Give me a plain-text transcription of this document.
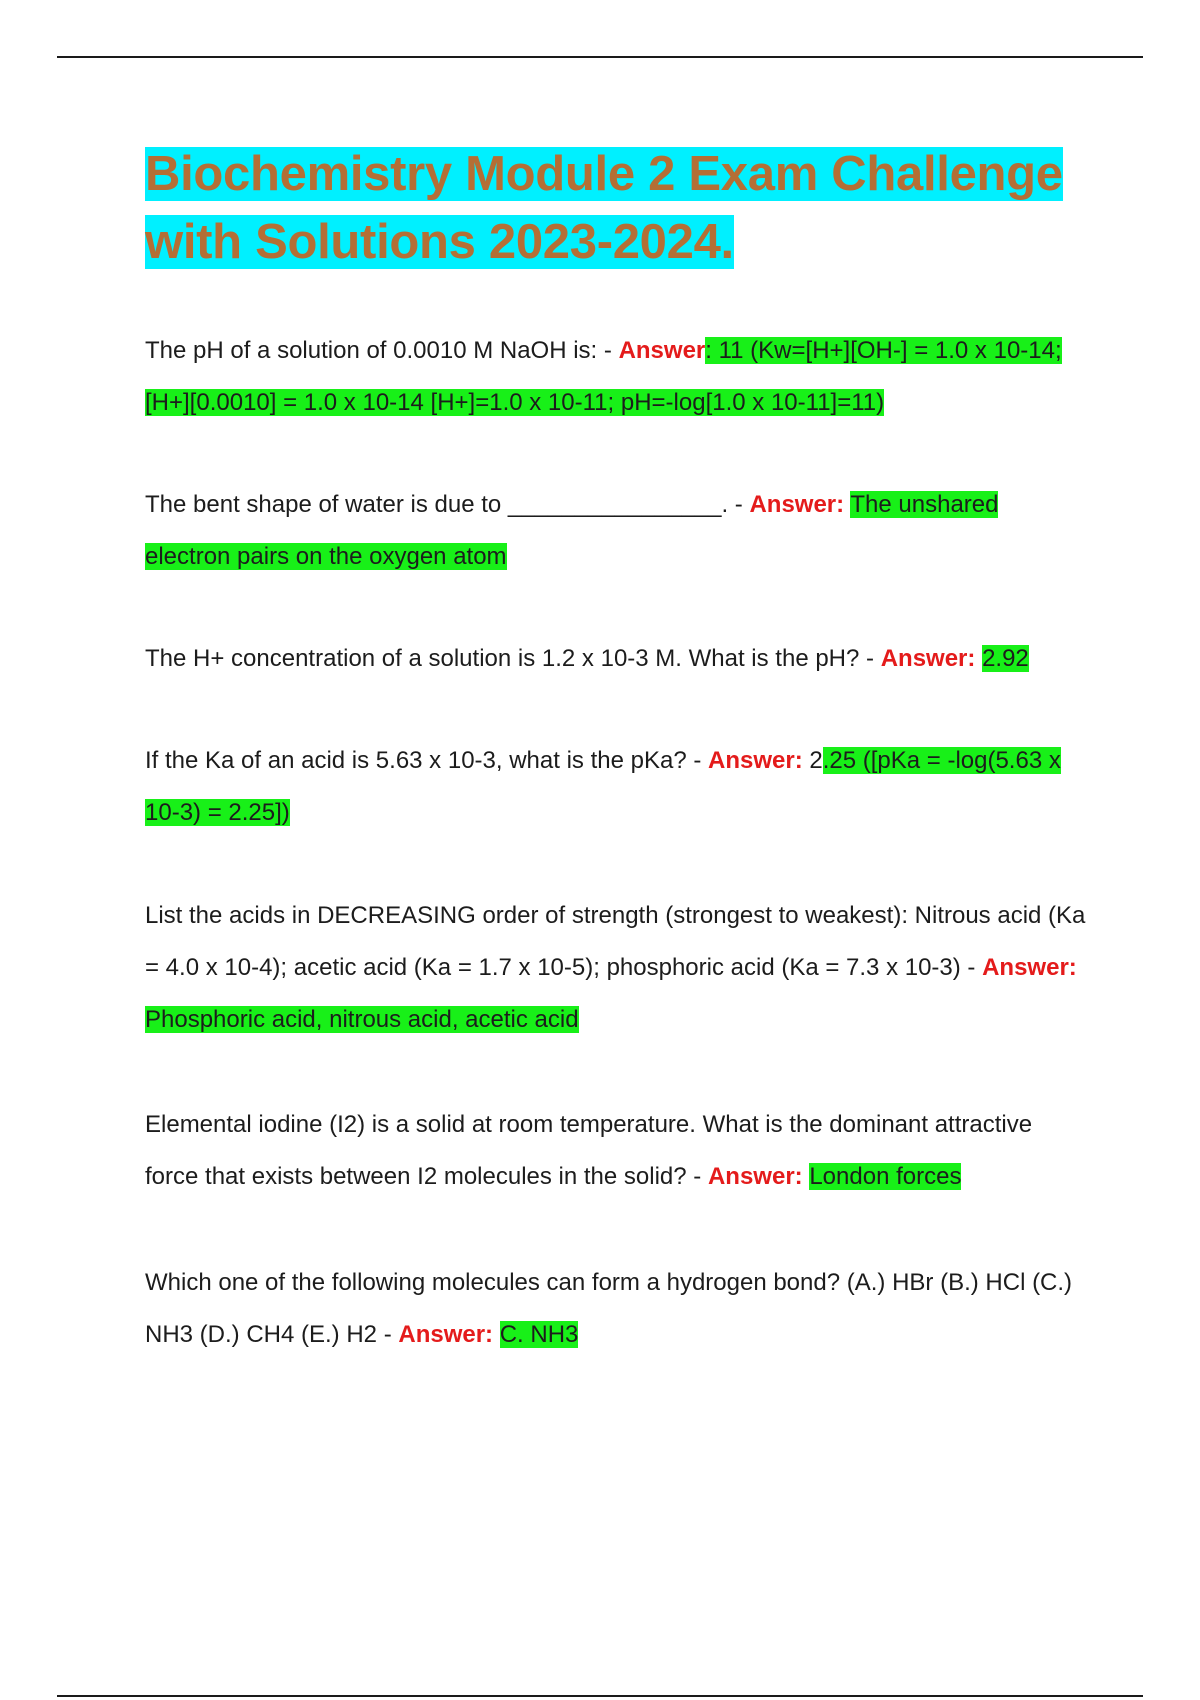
Biochemistry Module 2 Exam Challenge with Solutions 2023-2024.

The pH of a solution of 0.0010 M NaOH is: - Answer: 11 (Kw=[H+][OH-] = 1.0 x 10-14; [H+][0.0010] = 1.0 x 10-14 [H+]=1.0 x 10-11; pH=-log[1.0 x 10-11]=11)

The bent shape of water is due to ________________. - Answer: The unshared electron pairs on the oxygen atom

The H+ concentration of a solution is 1.2 x 10-3 M. What is the pH? - Answer: 2.92

If the Ka of an acid is 5.63 x 10-3, what is the pKa? - Answer: 2.25 ([pKa = -log(5.63 x 10-3) = 2.25])

List the acids in DECREASING order of strength (strongest to weakest): Nitrous acid (Ka = 4.0 x 10-4); acetic acid (Ka = 1.7 x 10-5); phosphoric acid (Ka = 7.3 x 10-3) - Answer: Phosphoric acid, nitrous acid, acetic acid

Elemental iodine (I2) is a solid at room temperature. What is the dominant attractive force that exists between I2 molecules in the solid? - Answer: London forces

Which one of the following molecules can form a hydrogen bond? (A.) HBr (B.) HCl (C.) NH3 (D.) CH4 (E.) H2 - Answer: C. NH3
